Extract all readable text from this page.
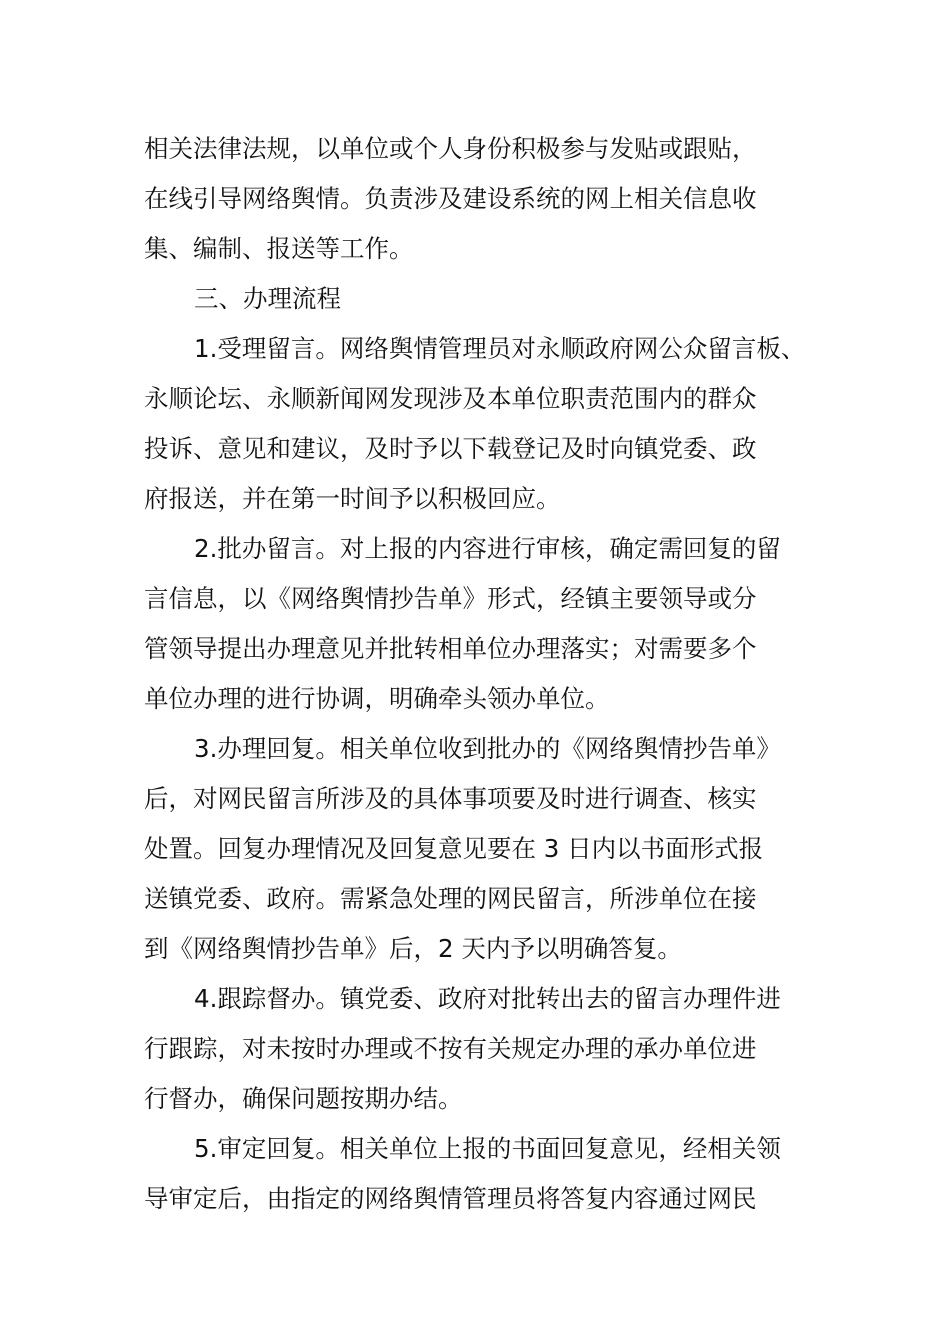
相关法律法规，以单位或个人身份积极参与发贴或跟贴，
在线引导网络舆情。负责涉及建设系统的网上相关信息收
集、编制、报送等工作。
三、办理流程
1.受理留言。网络舆情管理员对永顺政府网公众留言板、
永顺论坛、永顺新闻网发现涉及本单位职责范围内的群众
投诉、意见和建议，及时予以下载登记及时向镇党委、政
府报送，并在第一时间予以积极回应。
2.批办留言。对上报的内容进行审核，确定需回复的留
言信息，以《网络舆情抄告单》形式，经镇主要领导或分
管领导提出办理意见并批转相单位办理落实；对需要多个
单位办理的进行协调，明确牵头领办单位。
3.办理回复。相关单位收到批办的《网络舆情抄告单》
后，对网民留言所涉及的具体事项要及时进行调查、核实
处置。回复办理情况及回复意见要在 3 日内以书面形式报
送镇党委、政府。需紧急处理的网民留言，所涉单位在接
到《网络舆情抄告单》后，2 天内予以明确答复。
4.跟踪督办。镇党委、政府对批转出去的留言办理件进
行跟踪，对未按时办理或不按有关规定办理的承办单位进
行督办，确保问题按期办结。
5.审定回复。相关单位上报的书面回复意见，经相关领
导审定后，由指定的网络舆情管理员将答复内容通过网民
